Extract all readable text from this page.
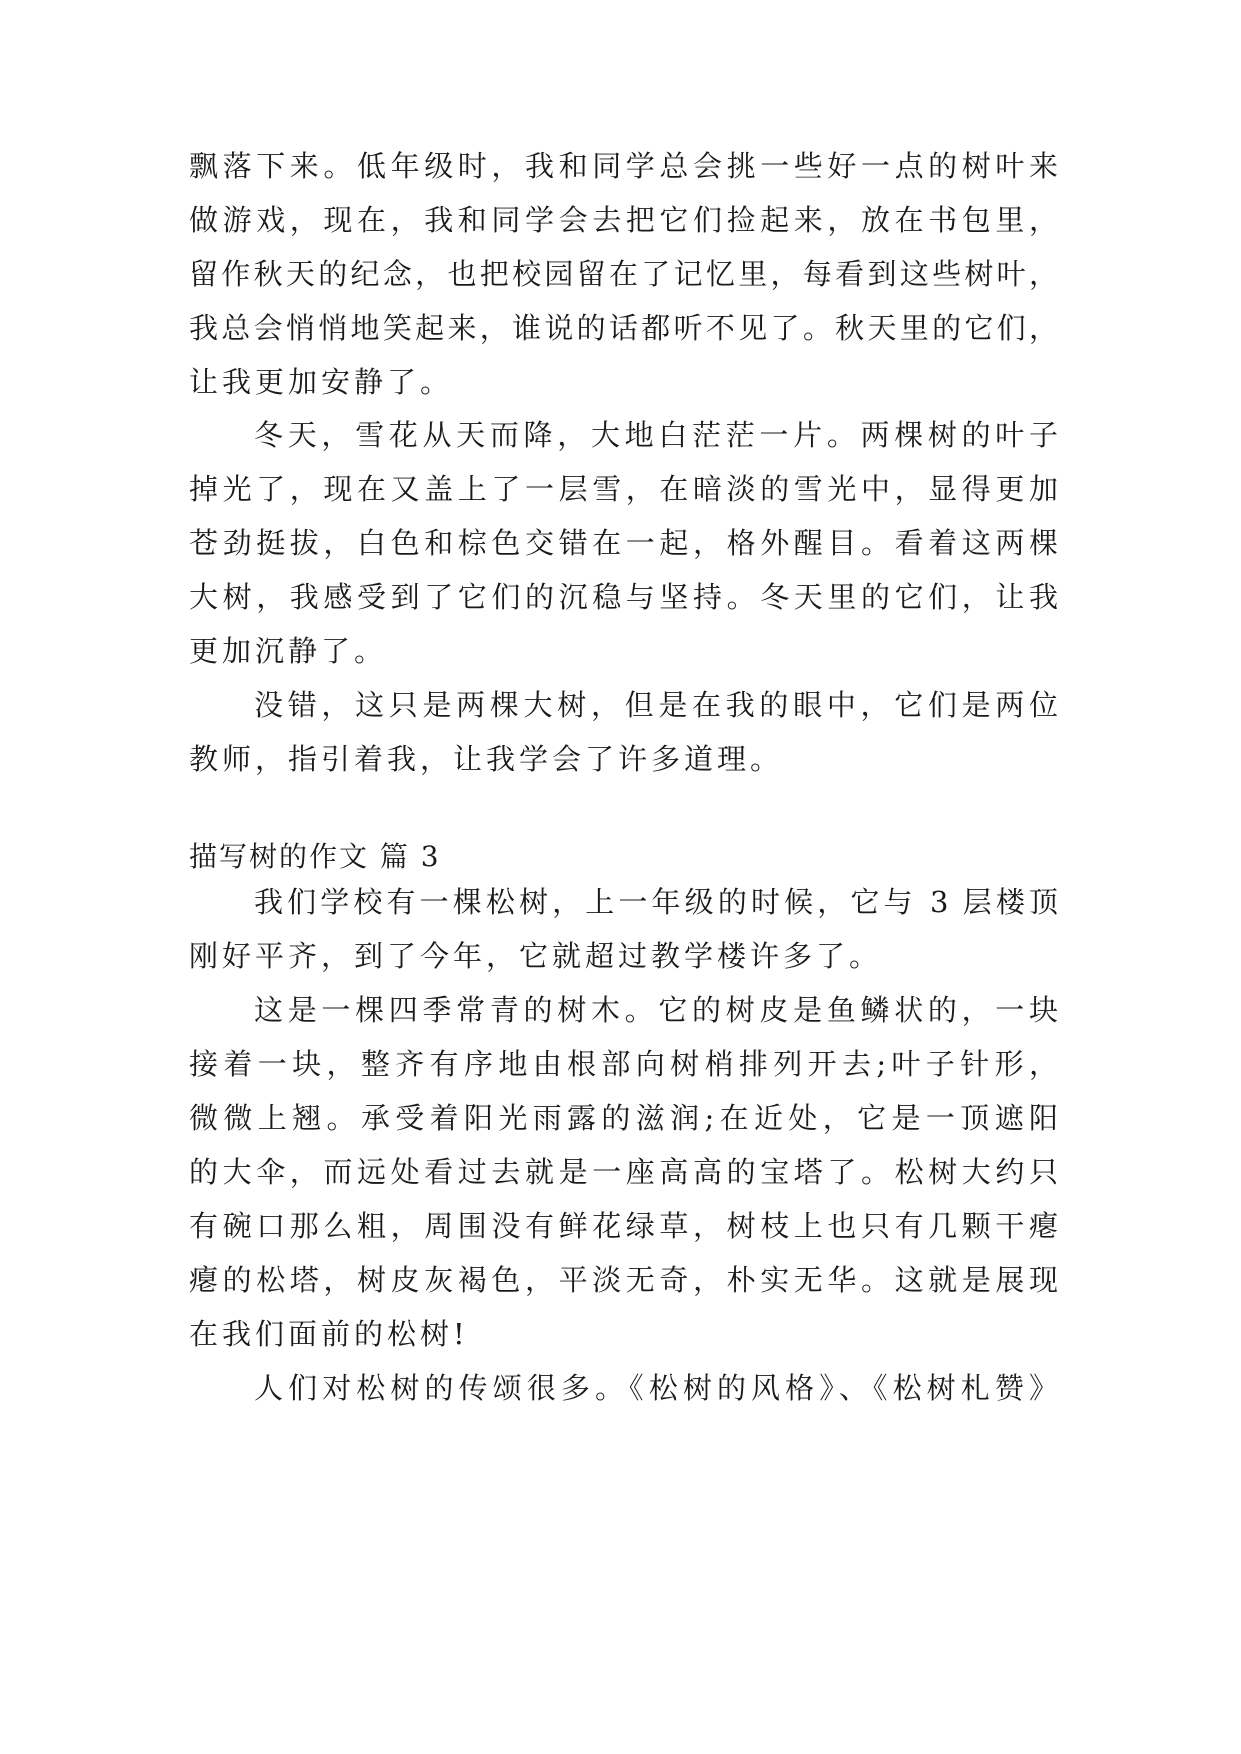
飘落下来。低年级时，我和同学总会挑一些好一点的树叶来
做游戏，现在，我和同学会去把它们捡起来，放在书包里，
留作秋天的纪念，也把校园留在了记忆里，每看到这些树叶，
我总会悄悄地笑起来，谁说的话都听不见了。秋天里的它们，
让我更加安静了。
冬天，雪花从天而降，大地白茫茫一片。两棵树的叶子
掉光了，现在又盖上了一层雪，在暗淡的雪光中，显得更加
苍劲挺拔，白色和棕色交错在一起，格外醒目。看着这两棵
大树，我感受到了它们的沉稳与坚持。冬天里的它们，让我
更加沉静了。
没错，这只是两棵大树，但是在我的眼中，它们是两位
教师，指引着我，让我学会了许多道理。
描写树的作文 篇 3
我们学校有一棵松树，上一年级的时候，它与 3 层楼顶
刚好平齐，到了今年，它就超过教学楼许多了。
这是一棵四季常青的树木。它的树皮是鱼鳞状的，一块
接着一块，整齐有序地由根部向树梢排列开去;叶子针形，
微微上翘。承受着阳光雨露的滋润;在近处，它是一顶遮阳
的大伞，而远处看过去就是一座高高的宝塔了。松树大约只
有碗口那么粗，周围没有鲜花绿草，树枝上也只有几颗干瘪
瘪的松塔，树皮灰褐色，平淡无奇，朴实无华。这就是展现
在我们面前的松树!
人们对松树的传颂很多。《松树的风格》、《松树札赞》
